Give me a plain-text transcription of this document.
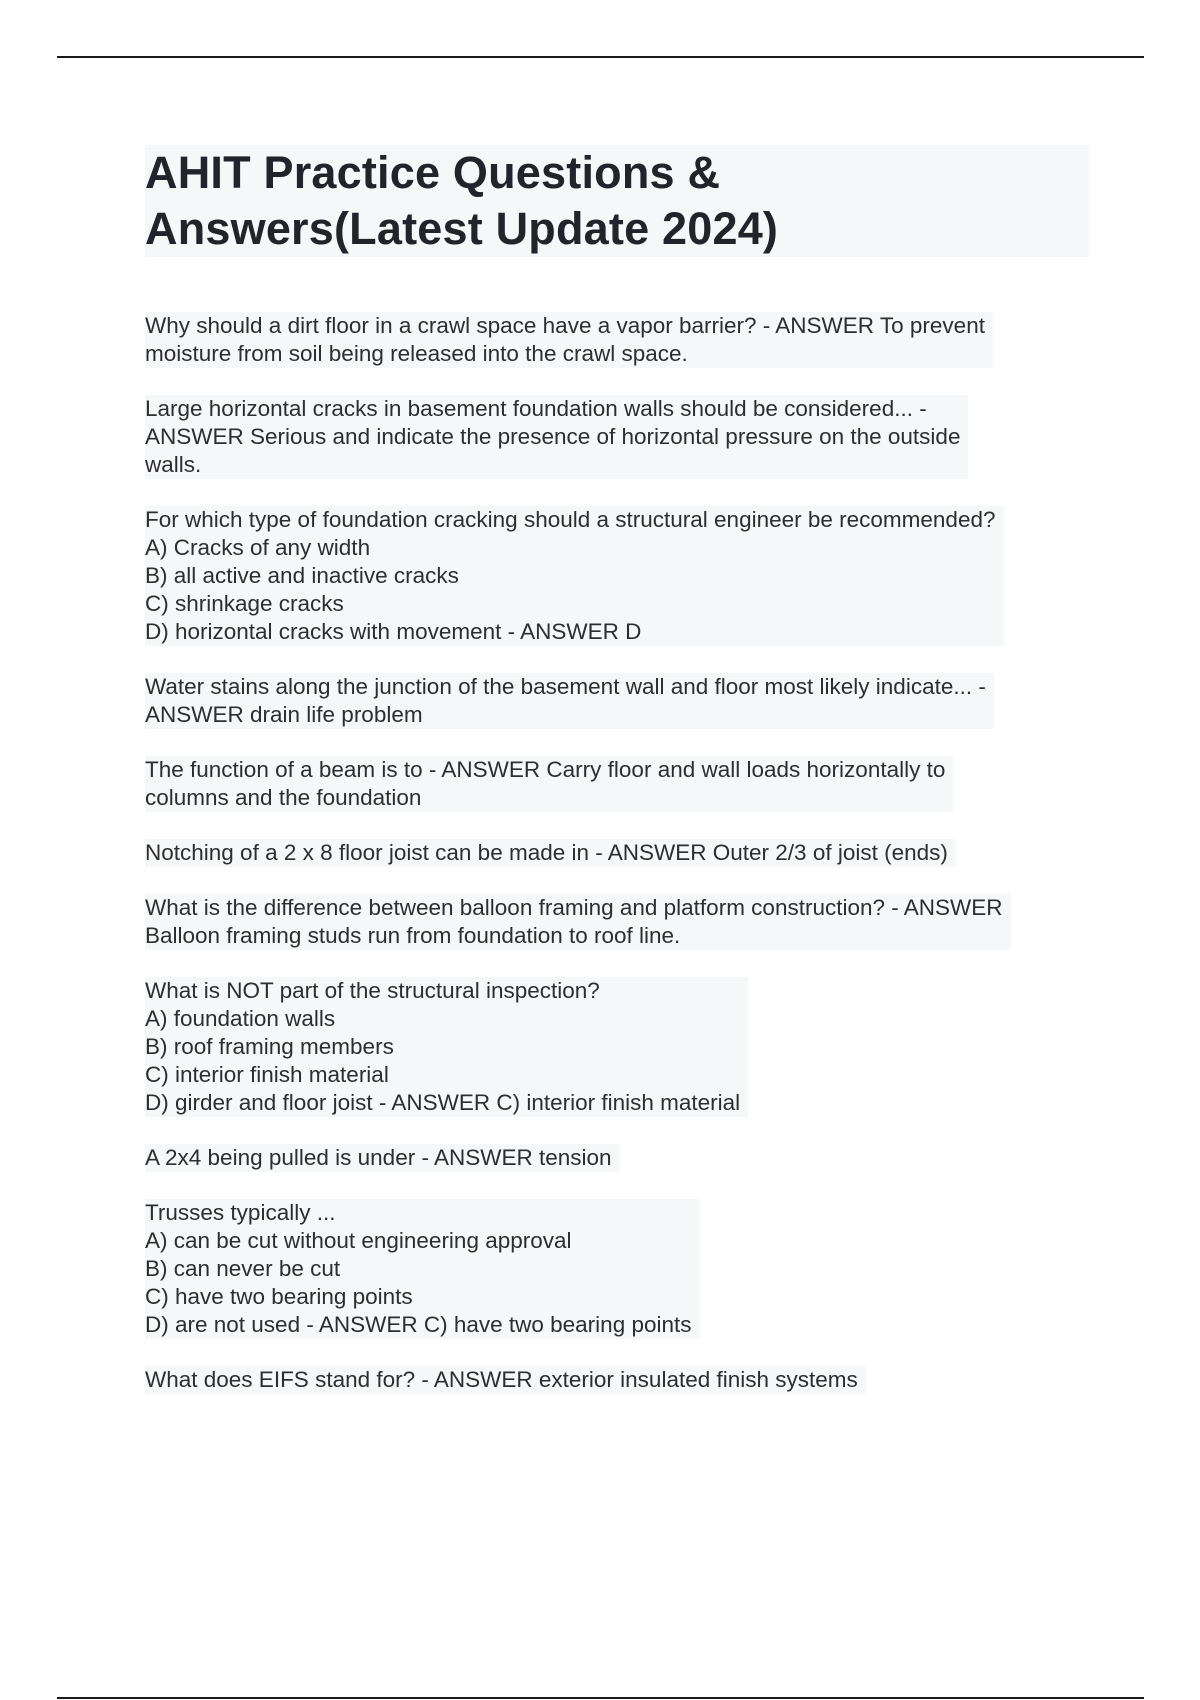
AHIT Practice Questions &
Answers(Latest Update 2024)
Why should a dirt floor in a crawl space have a vapor barrier? - ANSWER To prevent
moisture from soil being released into the crawl space.
Large horizontal cracks in basement foundation walls should be considered... -
ANSWER Serious and indicate the presence of horizontal pressure on the outside
walls.
For which type of foundation cracking should a structural engineer be recommended?
A) Cracks of any width
B) all active and inactive cracks
C) shrinkage cracks
D) horizontal cracks with movement - ANSWER D
Water stains along the junction of the basement wall and floor most likely indicate... -
ANSWER drain life problem
The function of a beam is to - ANSWER Carry floor and wall loads horizontally to
columns and the foundation
Notching of a 2 x 8 floor joist can be made in - ANSWER Outer 2/3 of joist (ends)
What is the difference between balloon framing and platform construction? - ANSWER
Balloon framing studs run from foundation to roof line.
What is NOT part of the structural inspection?
A) foundation walls
B) roof framing members
C) interior finish material
D) girder and floor joist - ANSWER C) interior finish material
A 2x4 being pulled is under - ANSWER tension
Trusses typically ...
A) can be cut without engineering approval
B) can never be cut
C) have two bearing points
D) are not used - ANSWER C) have two bearing points
What does EIFS stand for? - ANSWER exterior insulated finish systems
